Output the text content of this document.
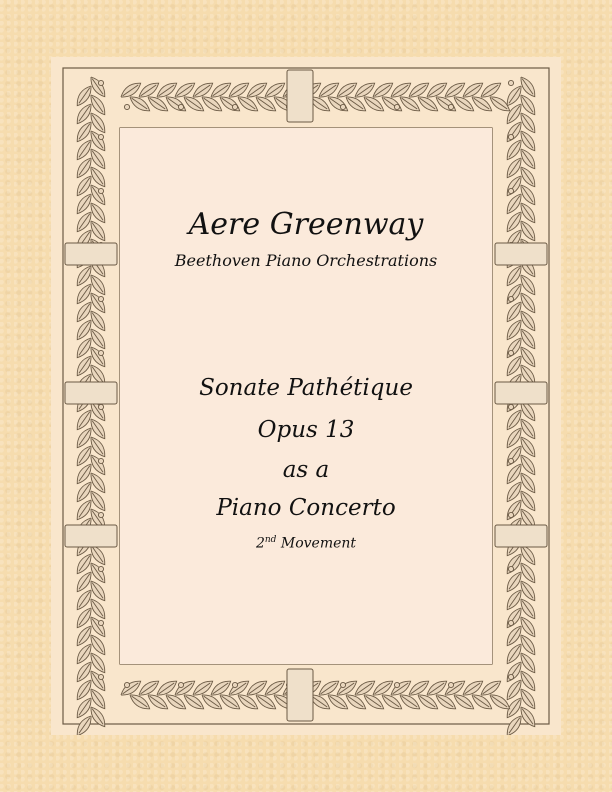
Aere Greenway
Beethoven Piano Orchestrations
Sonate Pathétique
Opus 13
as a
Piano Concerto
2nd Movement
